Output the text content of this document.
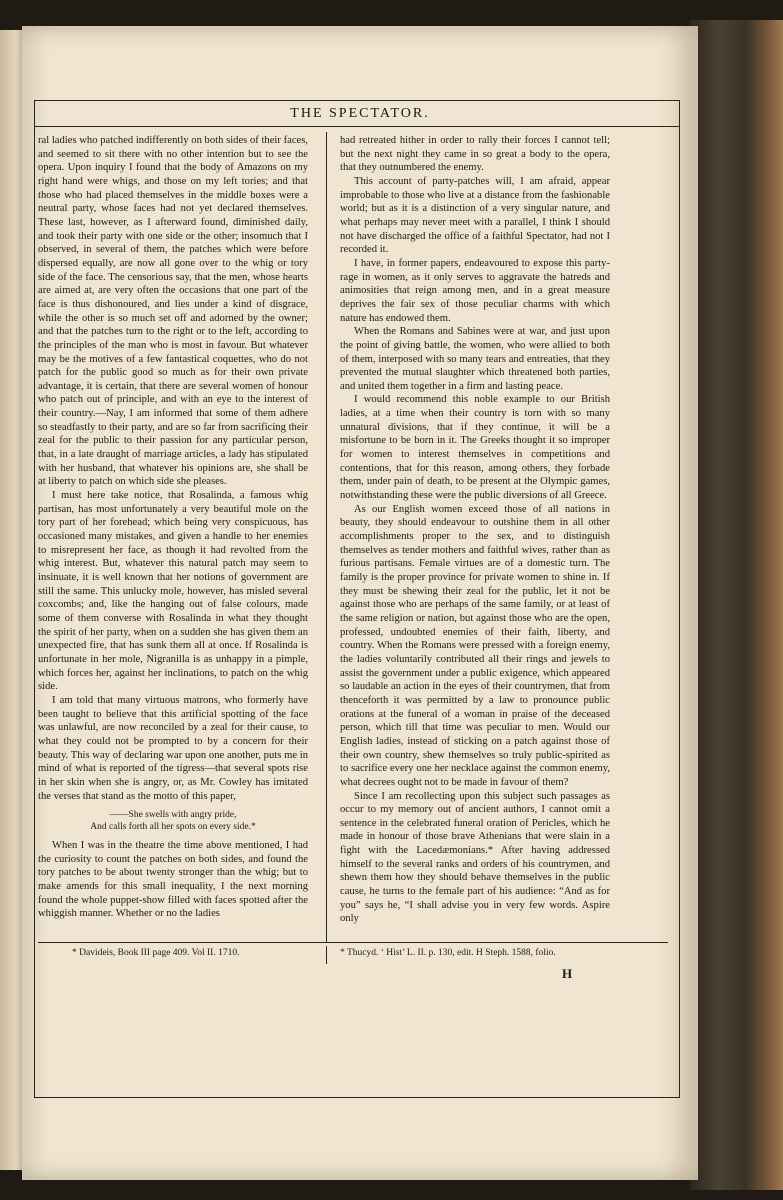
THE SPECTATOR.

ral ladies who patched indifferently on both sides of their faces, and seemed to sit there with no other intention but to see the opera. Upon inquiry I found that the body of Amazons on my right hand were whigs, and those on my left tories; and that those who had placed themselves in the middle boxes were a neutral party, whose faces had not yet declared themselves. These last, however, as I afterward found, diminished daily, and took their party with one side or the other; insomuch that I observed, in several of them, the patches which were before dispersed equally, are now all gone over to the whig or tory side of the face. The censorious say, that the men, whose hearts are aimed at, are very often the occasions that one part of the face is thus dishonoured, and lies under a kind of disgrace, while the other is so much set off and adorned by the owner; and that the patches turn to the right or to the left, according to the principles of the man who is most in favour. But whatever may be the motives of a few fantastical coquettes, who do not patch for the public good so much as for their own private advantage, it is certain, that there are several women of honour who patch out of principle, and with an eye to the interest of their country.—Nay, I am informed that some of them adhere so steadfastly to their party, and are so far from sacrificing their zeal for the public to their passion for any particular person, that, in a late draught of marriage articles, a lady has stipulated with her husband, that whatever his opinions are, she shall be at liberty to patch on which side she pleases.

I must here take notice, that Rosalinda, a famous whig partisan, has most unfortunately a very beautiful mole on the tory part of her forehead; which being very conspicuous, has occasioned many mistakes, and given a handle to her enemies to misrepresent her face, as though it had revolted from the whig interest. But, whatever this natural patch may seem to insinuate, it is well known that her notions of government are still the same. This unlucky mole, however, has misled several coxcombs; and, like the hanging out of false colours, made some of them converse with Rosalinda in what they thought the spirit of her party, when on a sudden she has given them an unexpected fire, that has sunk them all at once. If Rosalinda is unfortunate in her mole, Nigranilla is as unhappy in a pimple, which forces her, against her inclinations, to patch on the whig side.

I am told that many virtuous matrons, who formerly have been taught to believe that this artificial spotting of the face was unlawful, are now reconciled by a zeal for their cause, to what they could not be prompted to by a concern for their beauty. This way of declaring war upon one another, puts me in mind of what is reported of the tigress—that several spots rise in her skin when she is angry, or, as Mr. Cowley has imitated the verses that stand as the motto of this paper,

——She swells with angry pride,
And calls forth all her spots on every side.*

When I was in the theatre the time above mentioned, I had the curiosity to count the patches on both sides, and found the tory patches to be about twenty stronger than the whig; but to make amends for this small inequality, I the next morning found the whole puppet-show filled with faces spotted after the whiggish manner. Whether or no the ladies

had retreated hither in order to rally their forces I cannot tell; but the next night they came in so great a body to the opera, that they outnumbered the enemy.

This account of party-patches will, I am afraid, appear improbable to those who live at a distance from the fashionable world; but as it is a distinction of a very singular nature, and what perhaps may never meet with a parallel, I think I should not have discharged the office of a faithful Spectator, had not I recorded it.

I have, in former papers, endeavoured to expose this party-rage in women, as it only serves to aggravate the hatreds and animosities that reign among men, and in a great measure deprives the fair sex of those peculiar charms with which nature has endowed them.

When the Romans and Sabines were at war, and just upon the point of giving battle, the women, who were allied to both of them, interposed with so many tears and entreaties, that they prevented the mutual slaughter which threatened both parties, and united them together in a firm and lasting peace.

I would recommend this noble example to our British ladies, at a time when their country is torn with so many unnatural divisions, that if they continue, it will be a misfortune to be born in it. The Greeks thought it so improper for women to interest themselves in competitions and contentions, that for this reason, among others, they forbade them, under pain of death, to be present at the Olympic games, notwithstanding these were the public diversions of all Greece.

As our English women exceed those of all nations in beauty, they should endeavour to outshine them in all other accomplishments proper to the sex, and to distinguish themselves as tender mothers and faithful wives, rather than as furious partisans. Female virtues are of a domestic turn. The family is the proper province for private women to shine in. If they must be shewing their zeal for the public, let it not be against those who are perhaps of the same family, or at least of the same religion or nation, but against those who are the open, professed, undoubted enemies of their faith, liberty, and country. When the Romans were pressed with a foreign enemy, the ladies voluntarily contributed all their rings and jewels to assist the government under a public exigence, which appeared so laudable an action in the eyes of their countrymen, that from thenceforth it was permitted by a law to pronounce public orations at the funeral of a woman in praise of the deceased person, which till that time was peculiar to men. Would our English ladies, instead of sticking on a patch against those of their own country, shew themselves so truly public-spirited as to sacrifice every one her necklace against the common enemy, what decrees ought not to be made in favour of them?

Since I am recollecting upon this subject such passages as occur to my memory out of ancient authors, I cannot omit a sentence in the celebrated funeral oration of Pericles, which he made in honour of those brave Athenians that were slain in a fight with the Lacedæmonians.* After having addressed himself to the several ranks and orders of his countrymen, and shewn them how they should behave themselves in the public cause, he turns to the female part of his audience: “And as for you” says he, “I shall advise you in very few words. Aspire only

* Davideis, Book III page 409. Vol II. 1710.	* Thucyd. ‘ Hist’ L. II. p. 130, edit. H Steph. 1588, folio.
H
